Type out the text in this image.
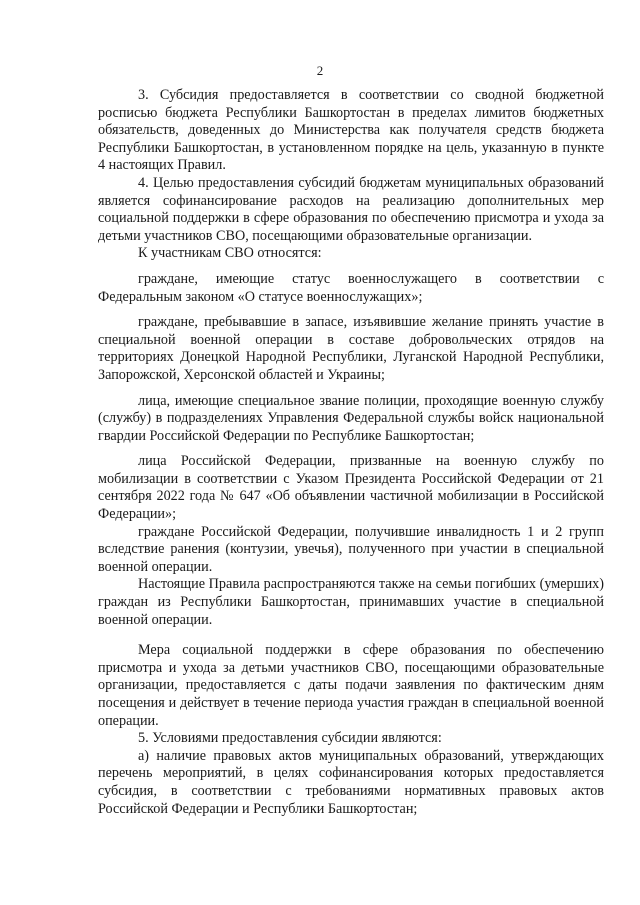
2

3. Субсидия предоставляется в соответствии со сводной бюджетной росписью бюджета Республики Башкортостан в пределах лимитов бюджетных обязательств, доведенных до Министерства как получателя средств бюджета Республики Башкортостан, в установленном порядке на цель, указанную в пункте 4 настоящих Правил.

4. Целью предоставления субсидий бюджетам муниципальных образований является софинансирование расходов на реализацию дополнительных мер социальной поддержки в сфере образования по обеспечению присмотра и ухода за детьми участников СВО, посещающими образовательные организации.

К участникам СВО относятся:

граждане, имеющие статус военнослужащего в соответствии с Федеральным законом «О статусе военнослужащих»;

граждане, пребывавшие в запасе, изъявившие желание принять участие в специальной военной операции в составе добровольческих отрядов на территориях Донецкой Народной Республики, Луганской Народной Республики, Запорожской, Херсонской областей и Украины;

лица, имеющие специальное звание полиции, проходящие военную службу (службу) в подразделениях Управления Федеральной службы войск национальной гвардии Российской Федерации по Республике Башкортостан;

лица Российской Федерации, призванные на военную службу по мобилизации в соответствии с Указом Президента Российской Федерации от 21 сентября 2022 года № 647 «Об объявлении частичной мобилизации в Российской Федерации»;

граждане Российской Федерации, получившие инвалидность 1 и 2 групп вследствие ранения (контузии, увечья), полученного при участии в специальной военной операции.

Настоящие Правила распространяются также на семьи погибших (умерших) граждан из Республики Башкортостан, принимавших участие в специальной военной операции.

Мера социальной поддержки в сфере образования по обеспечению присмотра и ухода за детьми участников СВО, посещающими образовательные организации, предоставляется с даты подачи заявления по фактическим дням посещения и действует в течение периода участия граждан в специальной военной операции.

5. Условиями предоставления субсидии являются:

а) наличие правовых актов муниципальных образований, утверждающих перечень мероприятий, в целях софинансирования которых предоставляется субсидия, в соответствии с требованиями нормативных правовых актов Российской Федерации и Республики Башкортостан;
